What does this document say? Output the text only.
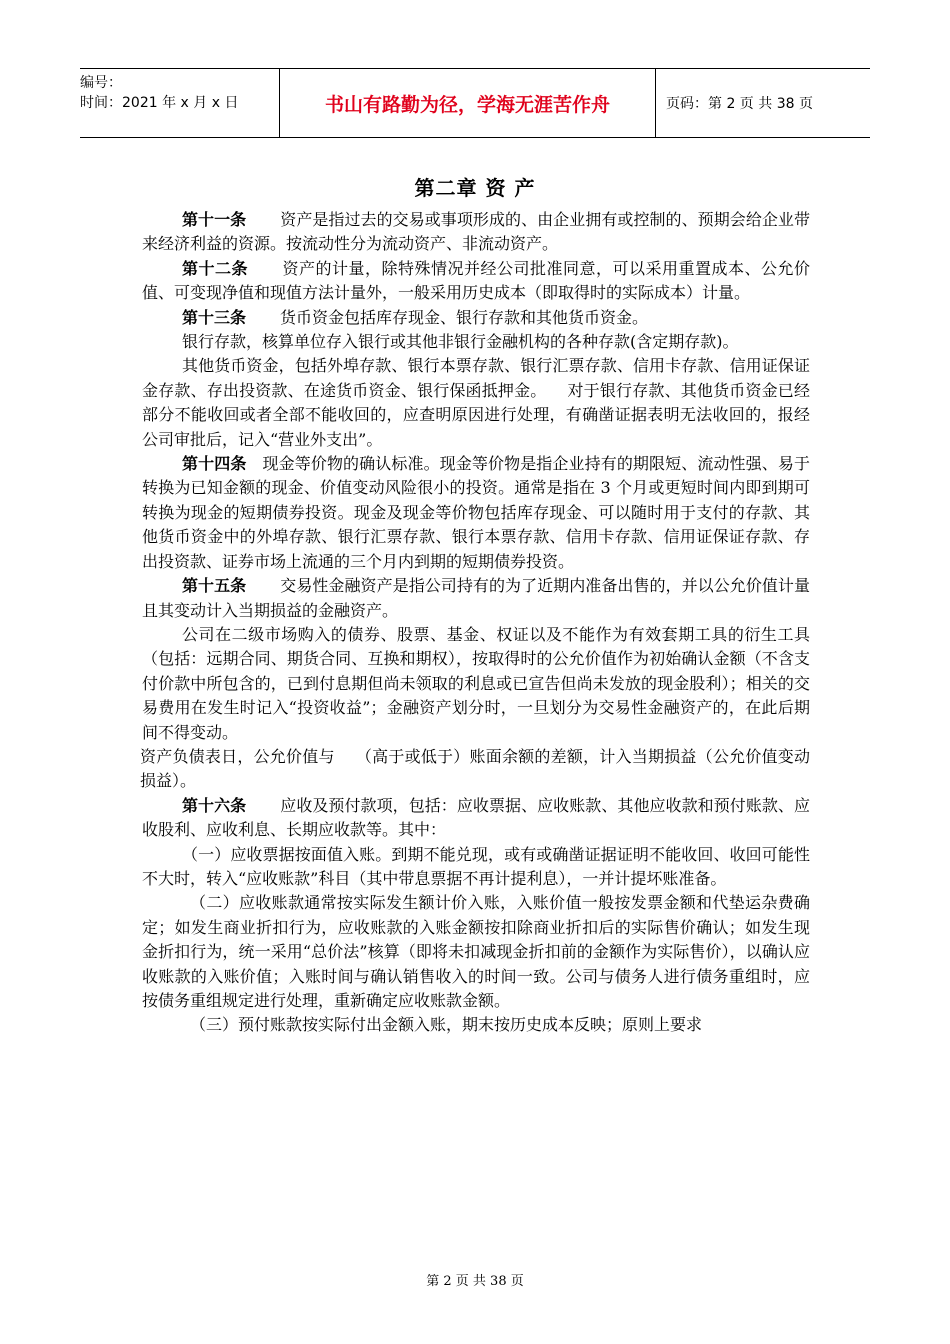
编号：
时间：2021 年 x 月 x 日	书山有路勤为径，学海无涯苦作舟	页码：第 2 页 共 38 页
第二章 资 产

第十一条 资产是指过去的交易或事项形成的、由企业拥有或控制的、预期会给企业带来经济利益的资源。按流动性分为流动资产、非流动资产。

第十二条 资产的计量，除特殊情况并经公司批准同意，可以采用重置成本、公允价值、可变现净值和现值方法计量外，一般采用历史成本（即取得时的实际成本）计量。

第十三条 货币资金包括库存现金、银行存款和其他货币资金。

银行存款，核算单位存入银行或其他非银行金融机构的各种存款(含定期存款)。

其他货币资金，包括外埠存款、银行本票存款、银行汇票存款、信用卡存款、信用证保证金存款、存出投资款、在途货币资金、银行保函抵押金。    对于银行存款、其他货币资金已经部分不能收回或者全部不能收回的，应查明原因进行处理，有确凿证据表明无法收回的，报经公司审批后，记入“营业外支出”。

第十四条 现金等价物的确认标准。现金等价物是指企业持有的期限短、流动性强、易于转换为已知金额的现金、价值变动风险很小的投资。通常是指在 3 个月或更短时间内即到期可转换为现金的短期债券投资。现金及现金等价物包括库存现金、可以随时用于支付的存款、其他货币资金中的外埠存款、银行汇票存款、银行本票存款、信用卡存款、信用证保证存款、存出投资款、证券市场上流通的三个月内到期的短期债券投资。

第十五条 交易性金融资产是指公司持有的为了近期内准备出售的，并以公允价值计量且其变动计入当期损益的金融资产。

公司在二级市场购入的债券、股票、基金、权证以及不能作为有效套期工具的衍生工具（包括：远期合同、期货合同、互换和期权），按取得时的公允价值作为初始确认金额（不含支付价款中所包含的，已到付息期但尚未领取的利息或已宣告但尚未发放的现金股利）；相关的交易费用在发生时记入“投资收益”；金融资产划分时，一旦划分为交易性金融资产的，在此后期间不得变动。

资产负债表日，公允价值与    （高于或低于）账面余额的差额，计入当期损益（公允价值变动损益）。

第十六条 应收及预付款项，包括：应收票据、应收账款、其他应收款和预付账款、应收股利、应收利息、长期应收款等。其中：

（一）应收票据按面值入账。到期不能兑现，或有或确凿证据证明不能收回、收回可能性不大时，转入“应收账款”科目（其中带息票据不再计提利息），一并计提坏账准备。

（二）应收账款通常按实际发生额计价入账，入账价值一般按发票金额和代垫运杂费确定；如发生商业折扣行为，应收账款的入账金额按扣除商业折扣后的实际售价确认；如发生现金折扣行为，统一采用“总价法”核算（即将未扣减现金折扣前的金额作为实际售价），以确认应收账款的入账价值；入账时间与确认销售收入的时间一致。公司与债务人进行债务重组时，应按债务重组规定进行处理，重新确定应收账款金额。

（三）预付账款按实际付出金额入账，期末按历史成本反映；原则上要求

第 2 页 共 38 页
